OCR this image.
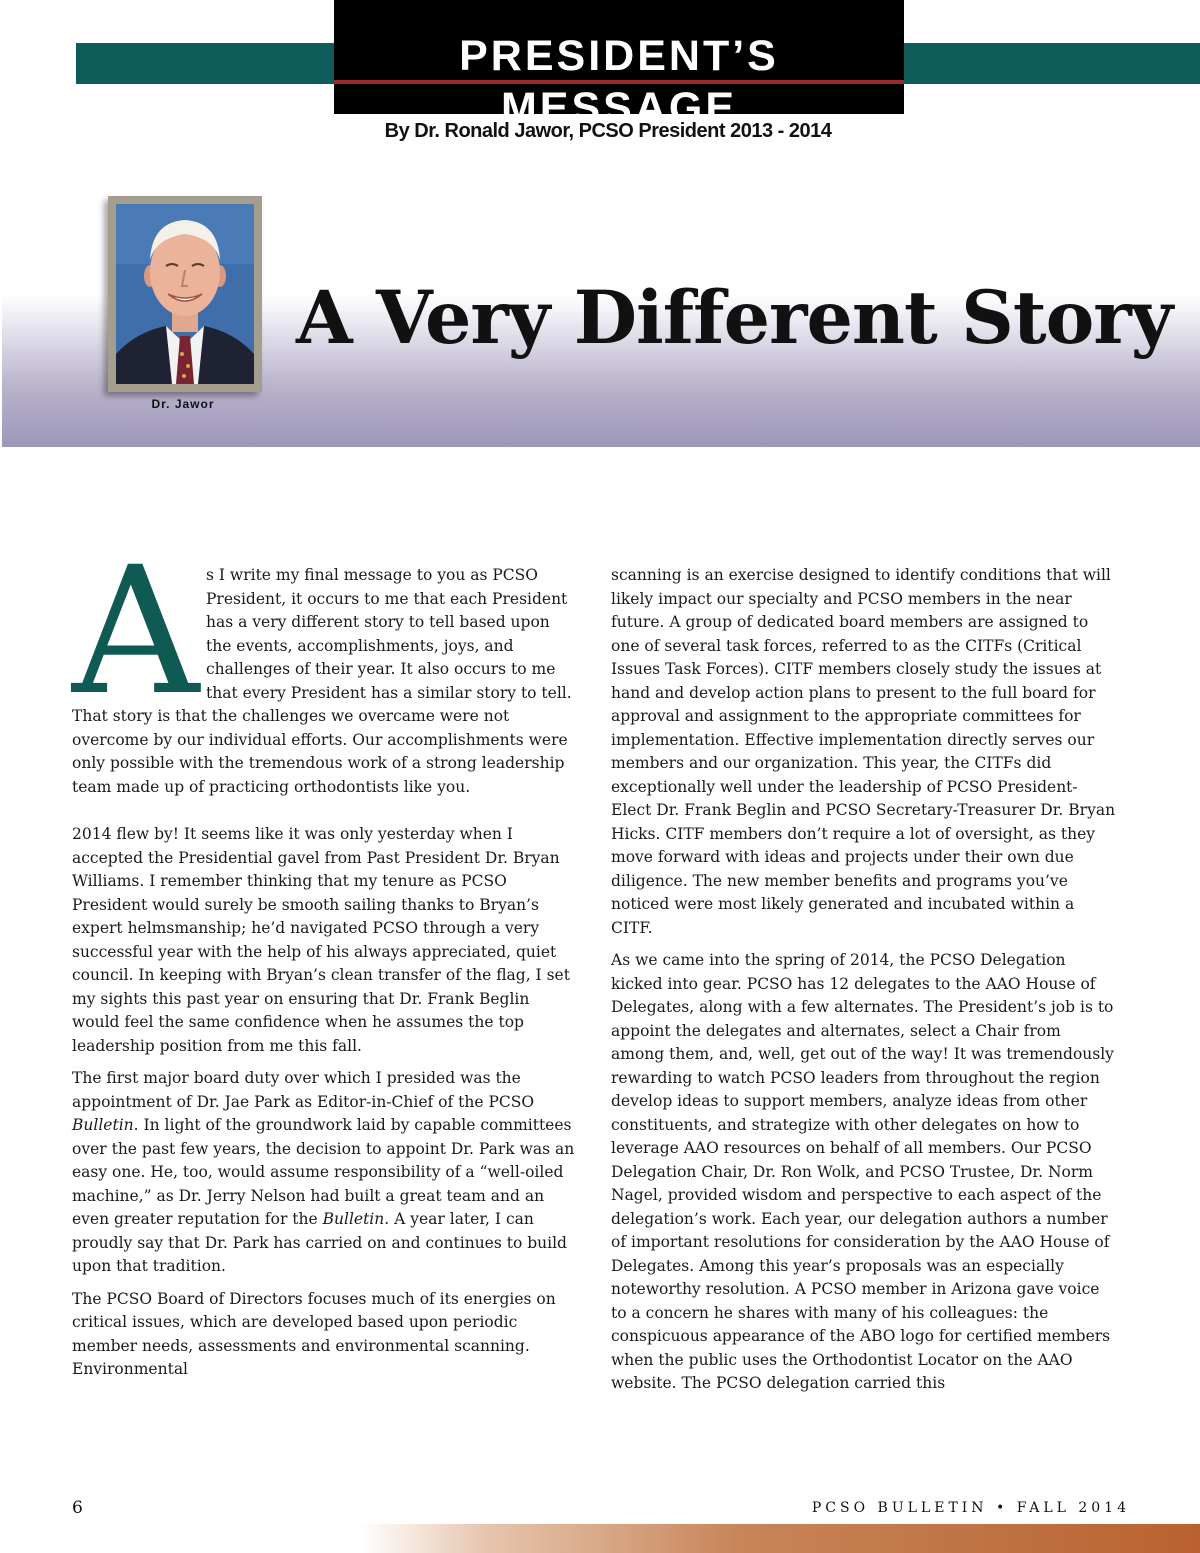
PRESIDENT’S MESSAGE
By Dr. Ronald Jawor, PCSO President 2013 - 2014
Dr. Jawor
A Very Different Story

As I write my final message to you as PCSO President, it occurs to me that each President has a very different story to tell based upon the events, accomplishments, joys, and challenges of their year. It also occurs to me that every President has a similar story to tell. That story is that the challenges we overcame were not overcome by our individual efforts. Our accomplishments were only possible with the tremendous work of a strong leadership team made up of practicing orthodontists like you.

2014 flew by! It seems like it was only yesterday when I accepted the Presidential gavel from Past President Dr. Bryan Williams. I remember thinking that my tenure as PCSO President would surely be smooth sailing thanks to Bryan’s expert helmsmanship; he’d navigated PCSO through a very successful year with the help of his always appreciated, quiet council. In keeping with Bryan’s clean transfer of the flag, I set my sights this past year on ensuring that Dr. Frank Beglin would feel the same confidence when he assumes the top leadership position from me this fall.

The first major board duty over which I presided was the appointment of Dr. Jae Park as Editor-in-Chief of the PCSO Bulletin. In light of the groundwork laid by capable committees over the past few years, the decision to appoint Dr. Park was an easy one. He, too, would assume responsibility of a “well-oiled machine,” as Dr. Jerry Nelson had built a great team and an even greater reputation for the Bulletin. A year later, I can proudly say that Dr. Park has carried on and continues to build upon that tradition.

The PCSO Board of Directors focuses much of its energies on critical issues, which are developed based upon periodic member needs, assessments and environmental scanning. Environmental

scanning is an exercise designed to identify conditions that will likely impact our specialty and PCSO members in the near future. A group of dedicated board members are assigned to one of several task forces, referred to as the CITFs (Critical Issues Task Forces). CITF members closely study the issues at hand and develop action plans to present to the full board for approval and assignment to the appropriate committees for implementation. Effective implementation directly serves our members and our organization. This year, the CITFs did exceptionally well under the leadership of PCSO President-Elect Dr. Frank Beglin and PCSO Secretary-Treasurer Dr. Bryan Hicks. CITF members don’t require a lot of oversight, as they move forward with ideas and projects under their own due diligence. The new member benefits and programs you’ve noticed were most likely generated and incubated within a CITF.

As we came into the spring of 2014, the PCSO Delegation kicked into gear. PCSO has 12 delegates to the AAO House of Delegates, along with a few alternates. The President’s job is to appoint the delegates and alternates, select a Chair from among them, and, well, get out of the way! It was tremendously rewarding to watch PCSO leaders from throughout the region develop ideas to support members, analyze ideas from other constituents, and strategize with other delegates on how to leverage AAO resources on behalf of all members. Our PCSO Delegation Chair, Dr. Ron Wolk, and PCSO Trustee, Dr. Norm Nagel, provided wisdom and perspective to each aspect of the delegation’s work. Each year, our delegation authors a number of important resolutions for consideration by the AAO House of Delegates. Among this year’s proposals was an especially noteworthy resolution. A PCSO member in Arizona gave voice to a concern he shares with many of his colleagues: the conspicuous appearance of the ABO logo for certified members when the public uses the Orthodontist Locator on the AAO website. The PCSO delegation carried this

6	PCSO BULLETIN • FALL 2014
